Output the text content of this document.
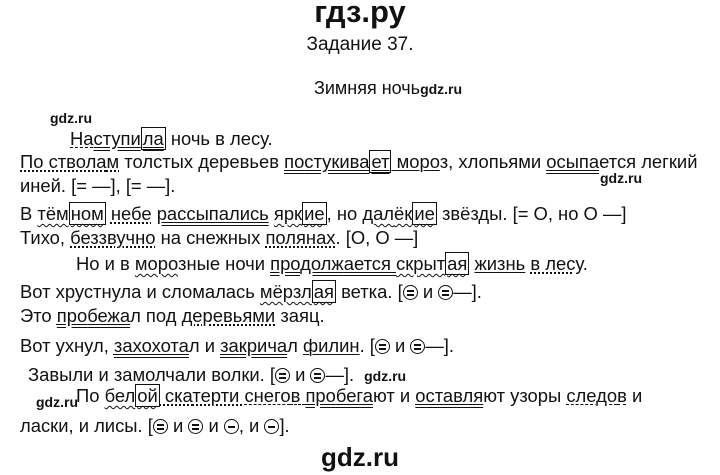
гдз.ру
Задание 37.
Зимняя ночьgdz.ru
gdz.ru
Наступи ла ночь в лесу.
По стволам толстых деревьев постукива ет мороз, хлопьями осыпается легкий
gdz.ru
иней. [= —], [= —].
В тём ном небе рассыпались ярк ие , но далёк ие звёзды. [= О, но О —]
Тихо, беззвучно на снежных полянах. [О, О —]
Но и в морозные ночи продолжается скрыт ая жизнь в лесу.
Вот хрустнула и сломалась мёрзл ая ветка. [ и —].
Это пробежал под деревьями заяц.
Вот ухнул, захохотал и закричал филин. [ и —].
Завыли и замолчали волки. [ и —]. gdz.ru
gdz.ru
По бел ой скатерти снегов пробегают и оставляют узоры следов и
ласки, и лисы. [ и  и , и ].
gdz.ru
